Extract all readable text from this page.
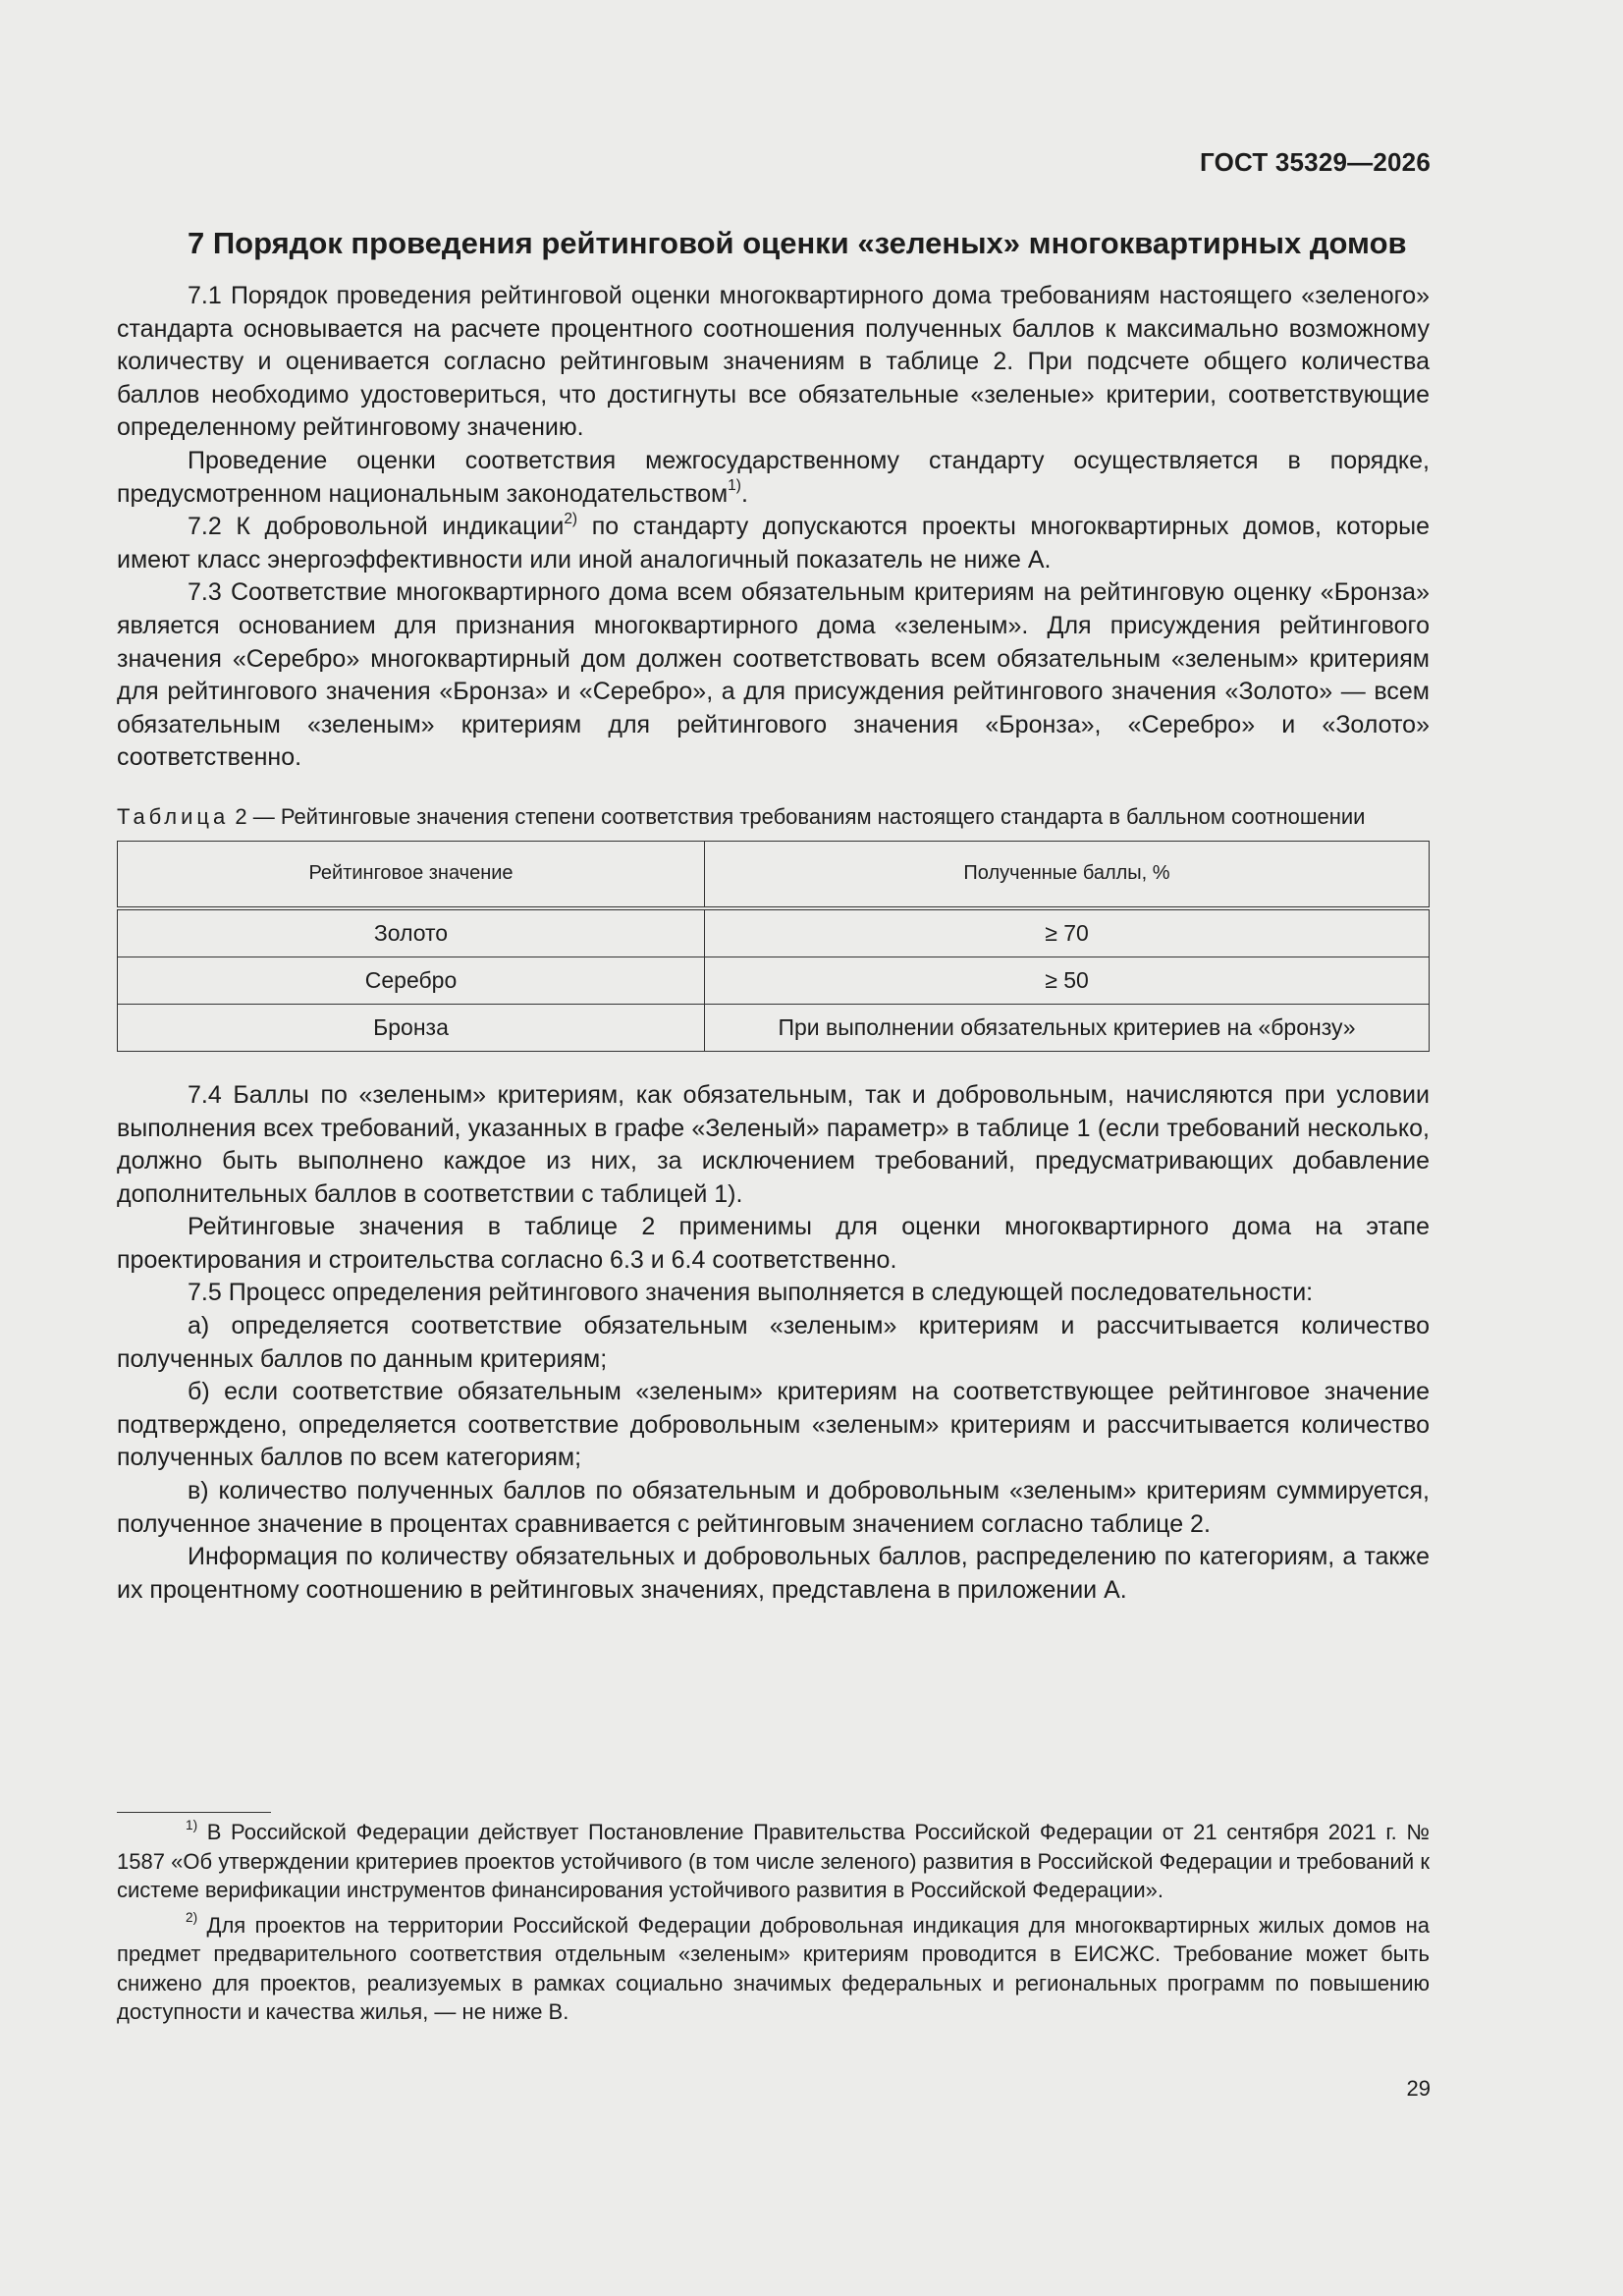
ГОСТ 35329—2026
7 Порядок проведения рейтинговой оценки «зеленых» многоквартирных домов

7.1 Порядок проведения рейтинговой оценки многоквартирного дома требованиям настоящего «зеленого» стандарта основывается на расчете процентного соотношения полученных баллов к максимально возможному количеству и оценивается согласно рейтинговым значениям в таблице 2. При подсчете общего количества баллов необходимо удостовериться, что достигнуты все обязательные «зеленые» критерии, соответствующие определенному рейтинговому значению.

Проведение оценки соответствия межгосударственному стандарту осуществляется в порядке, предусмотренном национальным законодательством$^{1)}$.

7.2 К добровольной индикации$^{2)}$ по стандарту допускаются проекты многоквартирных домов, которые имеют класс энергоэффективности или иной аналогичный показатель не ниже А.

7.3 Соответствие многоквартирного дома всем обязательным критериям на рейтинговую оценку «Бронза» является основанием для признания многоквартирного дома «зеленым». Для присуждения рейтингового значения «Серебро» многоквартирный дом должен соответствовать всем обязательным «зеленым» критериям для рейтингового значения «Бронза» и «Серебро», а для присуждения рейтингового значения «Золото» — всем обязательным «зеленым» критериям для рейтингового значения «Бронза», «Серебро» и «Золото» соответственно.

Таблица 2 — Рейтинговые значения степени соответствия требованиям настоящего стандарта в балльном соотношении
Рейтинговое значение	Полученные баллы, %
Золото	≥ 70
Серебро	≥ 50
Бронза	При выполнении обязательных критериев на «бронзу»

7.4 Баллы по «зеленым» критериям, как обязательным, так и добровольным, начисляются при условии выполнения всех требований, указанных в графе «Зеленый» параметр» в таблице 1 (если требований несколько, должно быть выполнено каждое из них, за исключением требований, предусматривающих добавление дополнительных баллов в соответствии с таблицей 1).

Рейтинговые значения в таблице 2 применимы для оценки многоквартирного дома на этапе проектирования и строительства согласно 6.3 и 6.4 соответственно.

7.5 Процесс определения рейтингового значения выполняется в следующей последовательности:

а) определяется соответствие обязательным «зеленым» критериям и рассчитывается количество полученных баллов по данным критериям;

б) если соответствие обязательным «зеленым» критериям на соответствующее рейтинговое значение подтверждено, определяется соответствие добровольным «зеленым» критериям и рассчитывается количество полученных баллов по всем категориям;

в) количество полученных баллов по обязательным и добровольным «зеленым» критериям суммируется, полученное значение в процентах сравнивается с рейтинговым значением согласно таблице 2.

Информация по количеству обязательных и добровольных баллов, распределению по категориям, а также их процентному соотношению в рейтинговых значениях, представлена в приложении А.

$^{1)}$ В Российской Федерации действует Постановление Правительства Российской Федерации от 21 сентября 2021 г. № 1587 «Об утверждении критериев проектов устойчивого (в том числе зеленого) развития в Российской Федерации и требований к системе верификации инструментов финансирования устойчивого развития в Российской Федерации».

$^{2)}$ Для проектов на территории Российской Федерации добровольная индикация для многоквартирных жилых домов на предмет предварительного соответствия отдельным «зеленым» критериям проводится в ЕИСЖС. Требование может быть снижено для проектов, реализуемых в рамках социально значимых федеральных и региональных программ по повышению доступности и качества жилья, — не ниже В.

29
